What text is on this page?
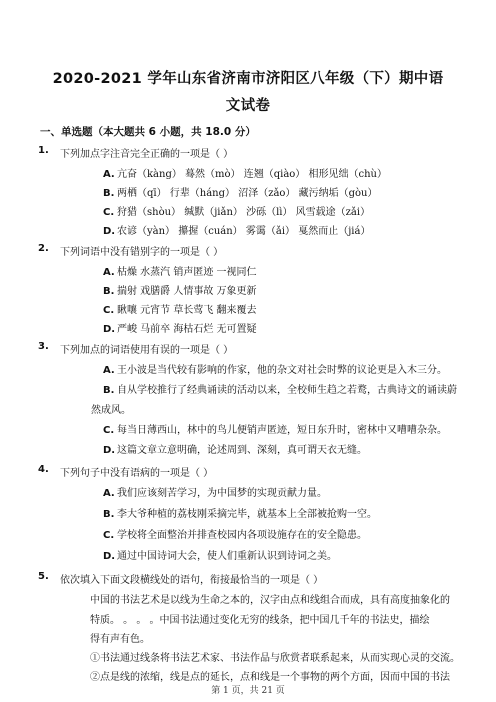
2020-2021 学年山东省济南市济阳区八年级（下）期中语
文试卷
一、单选题（本大题共 6 小题，共 18.0 分）
1. 下列加点字注音完全正确的一项是（ ）
A. 亢奋（kàng） 蓦然（mò） 连翘（qiào） 相形见绌（chù）
B. 两栖（qī） 行辈（háng） 沼泽（zǎo） 藏污纳垢（gòu）
C. 狩猎（shòu） 缄默（jiǎn） 沙砾（lì） 风雪载途（zǎi）
D. 农谚（yàn） 攥握（cuán） 雾霭（ǎi） 戛然而止（jiá）
2. 下列词语中没有错别字的一项是（ ）
A. 枯燥 水蒸汽 销声匿迹 一视同仁
B. 揣射 戏膳爵 人情事故 万象更新
C. 瞅嚷 元宵节 草长莺飞 翻来覆去
D. 严峻 马前卒 海枯石烂 无可置疑
3. 下列加点的词语使用有误的一项是（ ）
A. 王小波是当代较有影响的作家，他的杂文对社会时弊的议论更是入木三分。
B. 自从学校推行了经典诵读的活动以来，全校师生趋之若鹜，古典诗文的诵读蔚
然成风。
C. 每当日薄西山，林中的鸟儿便销声匿迹，短日东升时，密林中又嘈嘈杂杂。
D. 这篇文章立意明确，论述周到、深刻，真可谓天衣无缝。
4. 下列句子中没有语病的一项是（ ）
A. 我们应该刻苦学习，为中国梦的实现贡献力量。
B. 李大爷种植的荔枝刚采摘完毕，就基本上全部被抢购一空。
C. 学校将全面整治并排查校园内各项设施存在的安全隐患。
D. 通过中国诗词大会，使人们重新认识到诗词之美。
5. 依次填入下面文段横线处的语句，衔接最恰当的一项是（ ）
中国的书法艺术是以线为生命之本的，汉字由点和线组合而成，具有高度抽象化的
特质。 。 。 。中国书法通过变化无穷的线条，把中国几千年的书法史，描绘
得有声有色。
①书法通过线条将书法艺术家、书法作品与欣赏者联系起来，从而实现心灵的交流。
②点是线的浓缩，线是点的延长，点和线是一个事物的两个方面，因而中国的书法
第 1 页，共 21 页
